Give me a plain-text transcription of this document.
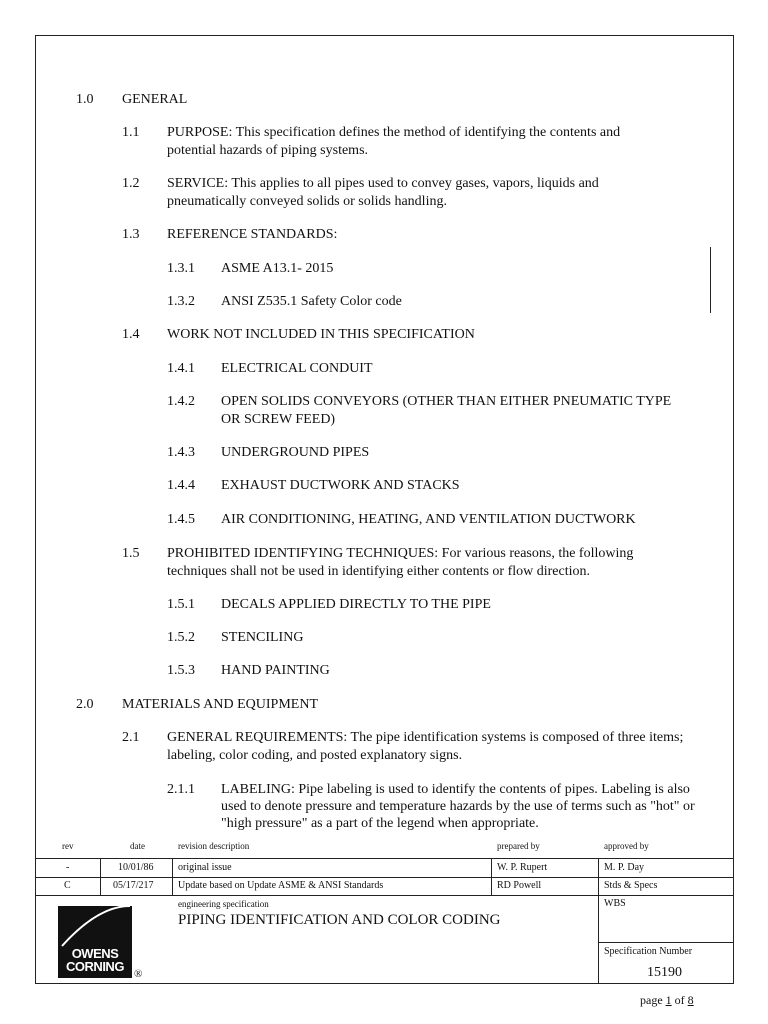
1.0 GENERAL
1.1 PURPOSE: This specification defines the method of identifying the contents and potential hazards of piping systems.
1.2 SERVICE: This applies to all pipes used to convey gases, vapors, liquids and pneumatically conveyed solids or solids handling.
1.3 REFERENCE STANDARDS:
1.3.1 ASME A13.1- 2015
1.3.2 ANSI Z535.1 Safety Color code
1.4 WORK NOT INCLUDED IN THIS SPECIFICATION
1.4.1 ELECTRICAL CONDUIT
1.4.2 OPEN SOLIDS CONVEYORS (OTHER THAN EITHER PNEUMATIC TYPE OR SCREW FEED)
1.4.3 UNDERGROUND PIPES
1.4.4 EXHAUST DUCTWORK AND STACKS
1.4.5 AIR CONDITIONING, HEATING, AND VENTILATION DUCTWORK
1.5 PROHIBITED IDENTIFYING TECHNIQUES: For various reasons, the following techniques shall not be used in identifying either contents or flow direction.
1.5.1 DECALS APPLIED DIRECTLY TO THE PIPE
1.5.2 STENCILING
1.5.3 HAND PAINTING
2.0 MATERIALS AND EQUIPMENT
2.1 GENERAL REQUIREMENTS: The pipe identification systems is composed of three items; labeling, color coding, and posted explanatory signs.
2.1.1 LABELING: Pipe labeling is used to identify the contents of pipes. Labeling is also used to denote pressure and temperature hazards by the use of terms such as "hot" or "high pressure" as a part of the legend when appropriate.
rev	date	revision description	prepared by	approved by
-	10/01/86 original issue	W. P. Rupert	M. P. Day
C	05/17/217 Update based on Update ASME & ANSI Standards	RD Powell	Stds & Specs
engineering specification
PIPING IDENTIFICATION AND COLOR CODING
WBS
Specification Number
15190
OWENS
CORNING ®
page 1 of 8
